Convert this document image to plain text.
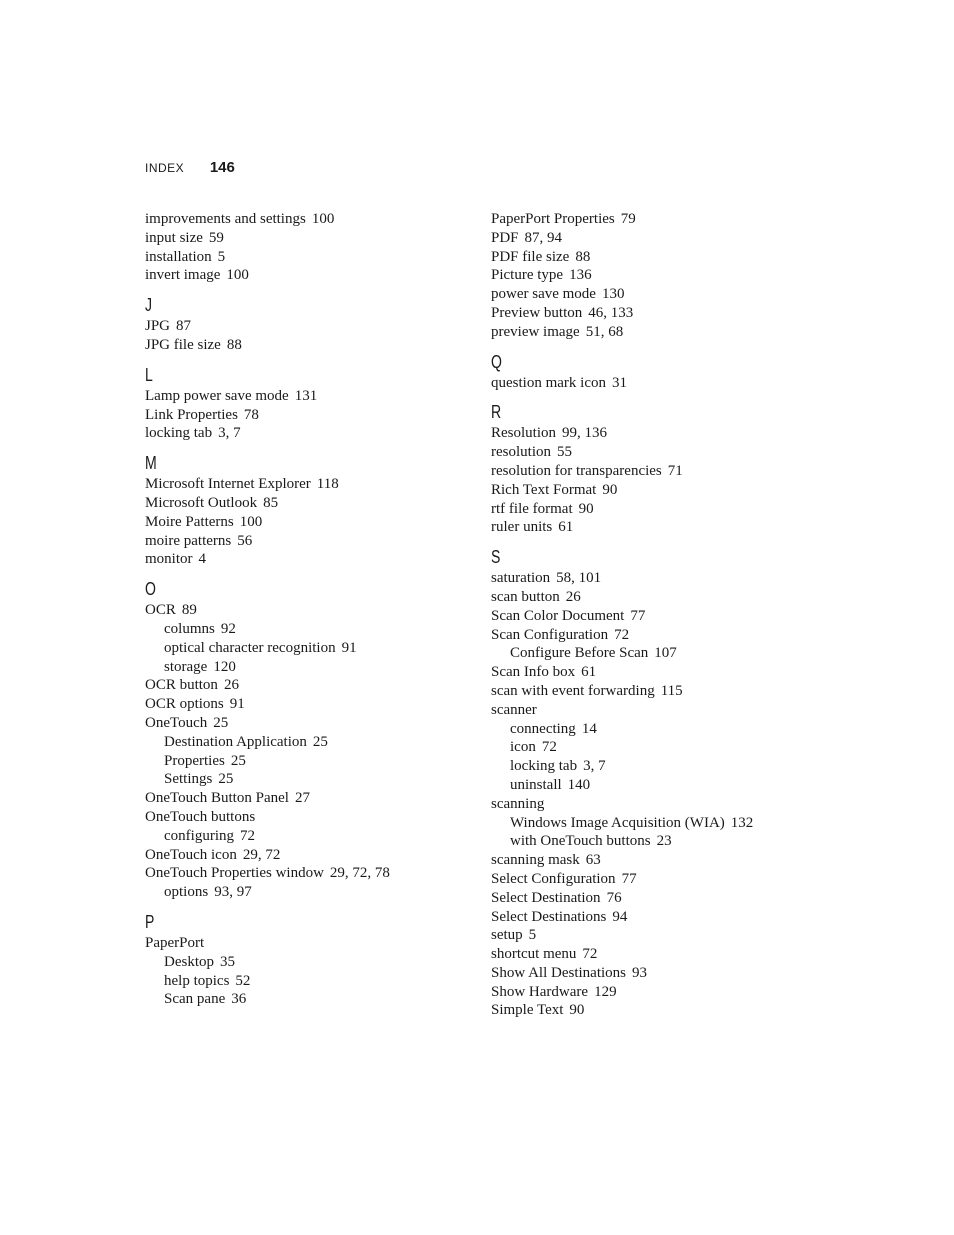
INDEX 146
improvements and settings 100
input size 59
installation 5
invert image 100
J
JPG 87
JPG file size 88
L
Lamp power save mode 131
Link Properties 78
locking tab 3, 7
M
Microsoft Internet Explorer 118
Microsoft Outlook 85
Moire Patterns 100
moire patterns 56
monitor 4
O
OCR 89
columns 92
optical character recognition 91
storage 120
OCR button 26
OCR options 91
OneTouch 25
Destination Application 25
Properties 25
Settings 25
OneTouch Button Panel 27
OneTouch buttons
configuring 72
OneTouch icon 29, 72
OneTouch Properties window 29, 72, 78
options 93, 97
P
PaperPort
Desktop 35
help topics 52
Scan pane 36
PaperPort Properties 79
PDF 87, 94
PDF file size 88
Picture type 136
power save mode 130
Preview button 46, 133
preview image 51, 68
Q
question mark icon 31
R
Resolution 99, 136
resolution 55
resolution for transparencies 71
Rich Text Format 90
rtf file format 90
ruler units 61
S
saturation 58, 101
scan button 26
Scan Color Document 77
Scan Configuration 72
Configure Before Scan 107
Scan Info box 61
scan with event forwarding 115
scanner
connecting 14
icon 72
locking tab 3, 7
uninstall 140
scanning
Windows Image Acquisition (WIA) 132
with OneTouch buttons 23
scanning mask 63
Select Configuration 77
Select Destination 76
Select Destinations 94
setup 5
shortcut menu 72
Show All Destinations 93
Show Hardware 129
Simple Text 90
